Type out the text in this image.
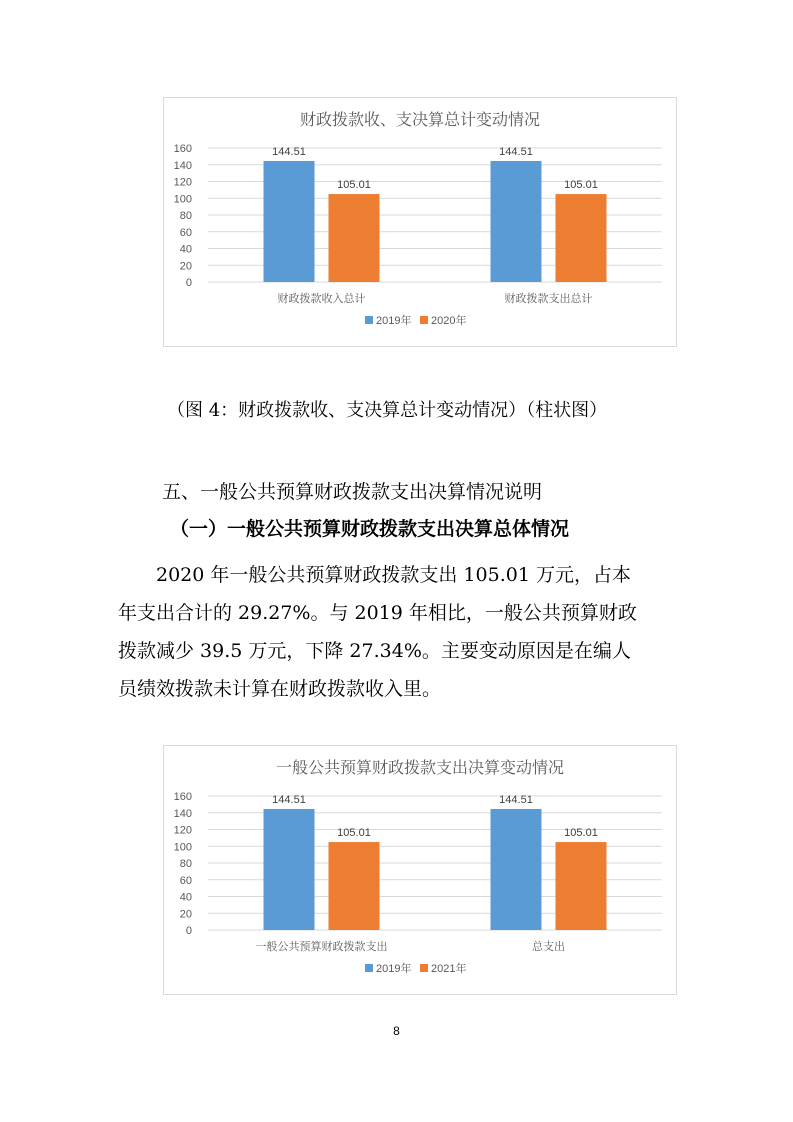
财政拨款收、支决算总计变动情况
0
20
40
60
80
100
120
140
160	144.51
105.01
财政拨款收入总计
144.51
105.01
财政拨款支出总计
2019年 2020年
（图 4：财政拨款收、支决算总计变动情况）（柱状图）
五、一般公共预算财政拨款支出决算情况说明
（一）一般公共预算财政拨款支出决算总体情况

　　2020 年一般公共预算财政拨款支出 105.01 万元，占本
年支出合计的 29.27%。与 2019 年相比，一般公共预算财政
拨款减少 39.5 万元，下降 27.34%。主要变动原因是在编人
员绩效拨款未计算在财政拨款收入里。

一般公共预算财政拨款支出决算变动情况
0
20
40
60
80
100
120
140
160	144.51
105.01
一般公共预算财政拨款支出
144.51
105.01
总支出
2019年 2021年
8
